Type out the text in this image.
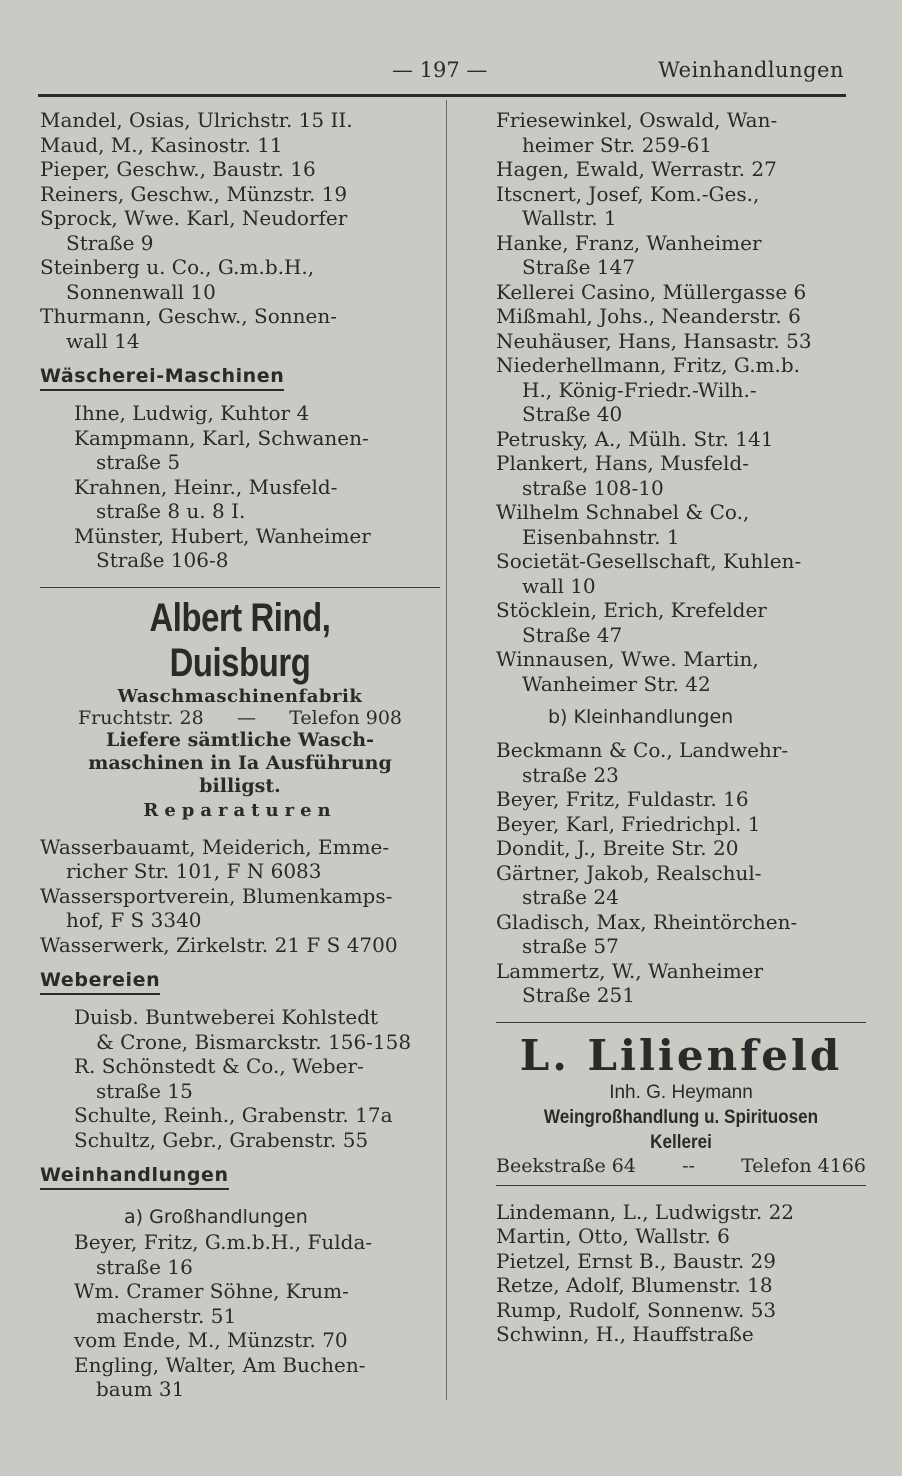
— 197 —	Weinhandlungen

Mandel, Osias, Ulrichstr. 15 II.

Maud, M., Kasinostr. 11

Pieper, Geschw., Baustr. 16

Reiners, Geschw., Münzstr. 19

Sprock, Wwe. Karl, Neudorfer
Straße 9

Steinberg u. Co., G.m.b.H.,
Sonnenwall 10

Thurmann, Geschw., Sonnen-
wall 14

Wäscherei-Maschinen

Ihne, Ludwig, Kuhtor 4

Kampmann, Karl, Schwanen-
straße 5

Krahnen, Heinr., Musfeld-
straße 8 u. 8 I.

Münster, Hubert, Wanheimer
Straße 106-8

Albert Rind, Duisburg
Waschmaschinenfabrik
Fruchtstr. 28 — Telefon 908
Liefere sämtliche Wasch-
maschinen in Ia Ausführung
billigst.
Reparaturen

Wasserbauamt, Meiderich, Emme-
richer Str. 101, F N 6083

Wassersportverein, Blumenkamps-
hof, F S 3340

Wasserwerk, Zirkelstr. 21 F S 4700

Webereien

Duisb. Buntweberei Kohlstedt
& Crone, Bismarckstr. 156-158

R. Schönstedt & Co., Weber-
straße 15

Schulte, Reinh., Grabenstr. 17a

Schultz, Gebr., Grabenstr. 55

Weinhandlungen
a) Großhandlungen

Beyer, Fritz, G.m.b.H., Fulda-
straße 16

Wm. Cramer Söhne, Krum-
macherstr. 51

vom Ende, M., Münzstr. 70

Engling, Walter, Am Buchen-
baum 31

Friesewinkel, Oswald, Wan-
heimer Str. 259-61

Hagen, Ewald, Werrastr. 27

Itscnert, Josef, Kom.-Ges.,
Wallstr. 1

Hanke, Franz, Wanheimer
Straße 147

Kellerei Casino, Müllergasse 6

Mißmahl, Johs., Neanderstr. 6

Neuhäuser, Hans, Hansastr. 53

Niederhellmann, Fritz, G.m.b.
H., König-Friedr.-Wilh.-
Straße 40

Petrusky, A., Mülh. Str. 141

Plankert, Hans, Musfeld-
straße 108-10

Wilhelm Schnabel & Co.,
Eisenbahnstr. 1

Societät-Gesellschaft, Kuhlen-
wall 10

Stöcklein, Erich, Krefelder
Straße 47

Winnausen, Wwe. Martin,
Wanheimer Str. 42

b) Kleinhandlungen

Beckmann & Co., Landwehr-
straße 23

Beyer, Fritz, Fuldastr. 16

Beyer, Karl, Friedrichpl. 1

Dondit, J., Breite Str. 20

Gärtner, Jakob, Realschul-
straße 24

Gladisch, Max, Rheintörchen-
straße 57

Lammertz, W., Wanheimer
Straße 251

L. Lilienfeld
Inh. G. Heymann
Weingroßhandlung u. Spirituosen
Kellerei
Beekstraße 64 -- Telefon 4166

Lindemann, L., Ludwigstr. 22

Martin, Otto, Wallstr. 6

Pietzel, Ernst B., Baustr. 29

Retze, Adolf, Blumenstr. 18

Rump, Rudolf, Sonnenw. 53

Schwinn, H., Hauffstraße
